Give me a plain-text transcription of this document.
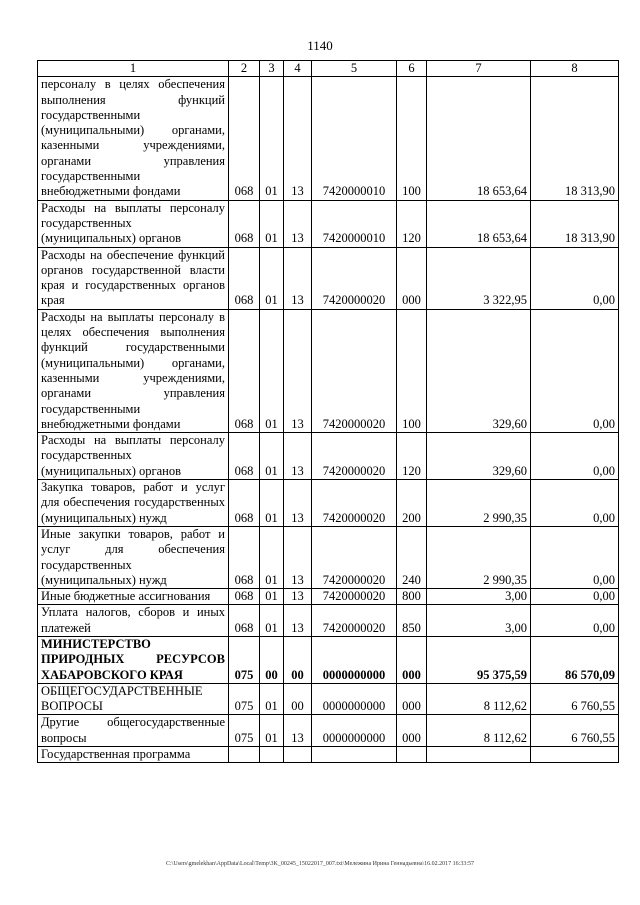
1140
1	2	3	4	5	6	7	8
персоналу в целях обеспечения выполнения функций государственными (муниципальными) органами, казенными учреждениями, органами управления государственными внебюджетными фондами	068	01	13	7420000010	100	18 653,64	18 313,90
Расходы на выплаты персоналу государственных (муниципальных) органов	068	01	13	7420000010	120	18 653,64	18 313,90
Расходы на обеспечение функций органов государственной власти края и государственных органов края	068	01	13	7420000020	000	3 322,95	0,00
Расходы на выплаты персоналу в целях обеспечения выполнения функций государственными (муниципальными) органами, казенными учреждениями, органами управления государственными внебюджетными фондами	068	01	13	7420000020	100	329,60	0,00
Расходы на выплаты персоналу государственных (муниципальных) органов	068	01	13	7420000020	120	329,60	0,00
Закупка товаров, работ и услуг для обеспечения государственных (муниципальных) нужд	068	01	13	7420000020	200	2 990,35	0,00
Иные закупки товаров, работ и услуг для обеспечения государственных (муниципальных) нужд	068	01	13	7420000020	240	2 990,35	0,00
Иные бюджетные ассигнования	068	01	13	7420000020	800	3,00	0,00
Уплата налогов, сборов и иных платежей	068	01	13	7420000020	850	3,00	0,00
МИНИСТЕРСТВО ПРИРОДНЫХ РЕСУРСОВ ХАБАРОВСКОГО КРАЯ	075	00	00	0000000000	000	95 375,59	86 570,09
ОБЩЕГОСУДАРСТВЕННЫЕ ВОПРОСЫ	075	01	00	0000000000	000	8 112,62	6 760,55
Другие общегосударственные вопросы	075	01	13	0000000000	000	8 112,62	6 760,55
Государственная программа							
C:\Users\gmelekhan\AppData\Local\Temp\3K_00245_15022017_007.txt\Мележина Ирина Геннадьевна\16.02.2017 16:33:57
